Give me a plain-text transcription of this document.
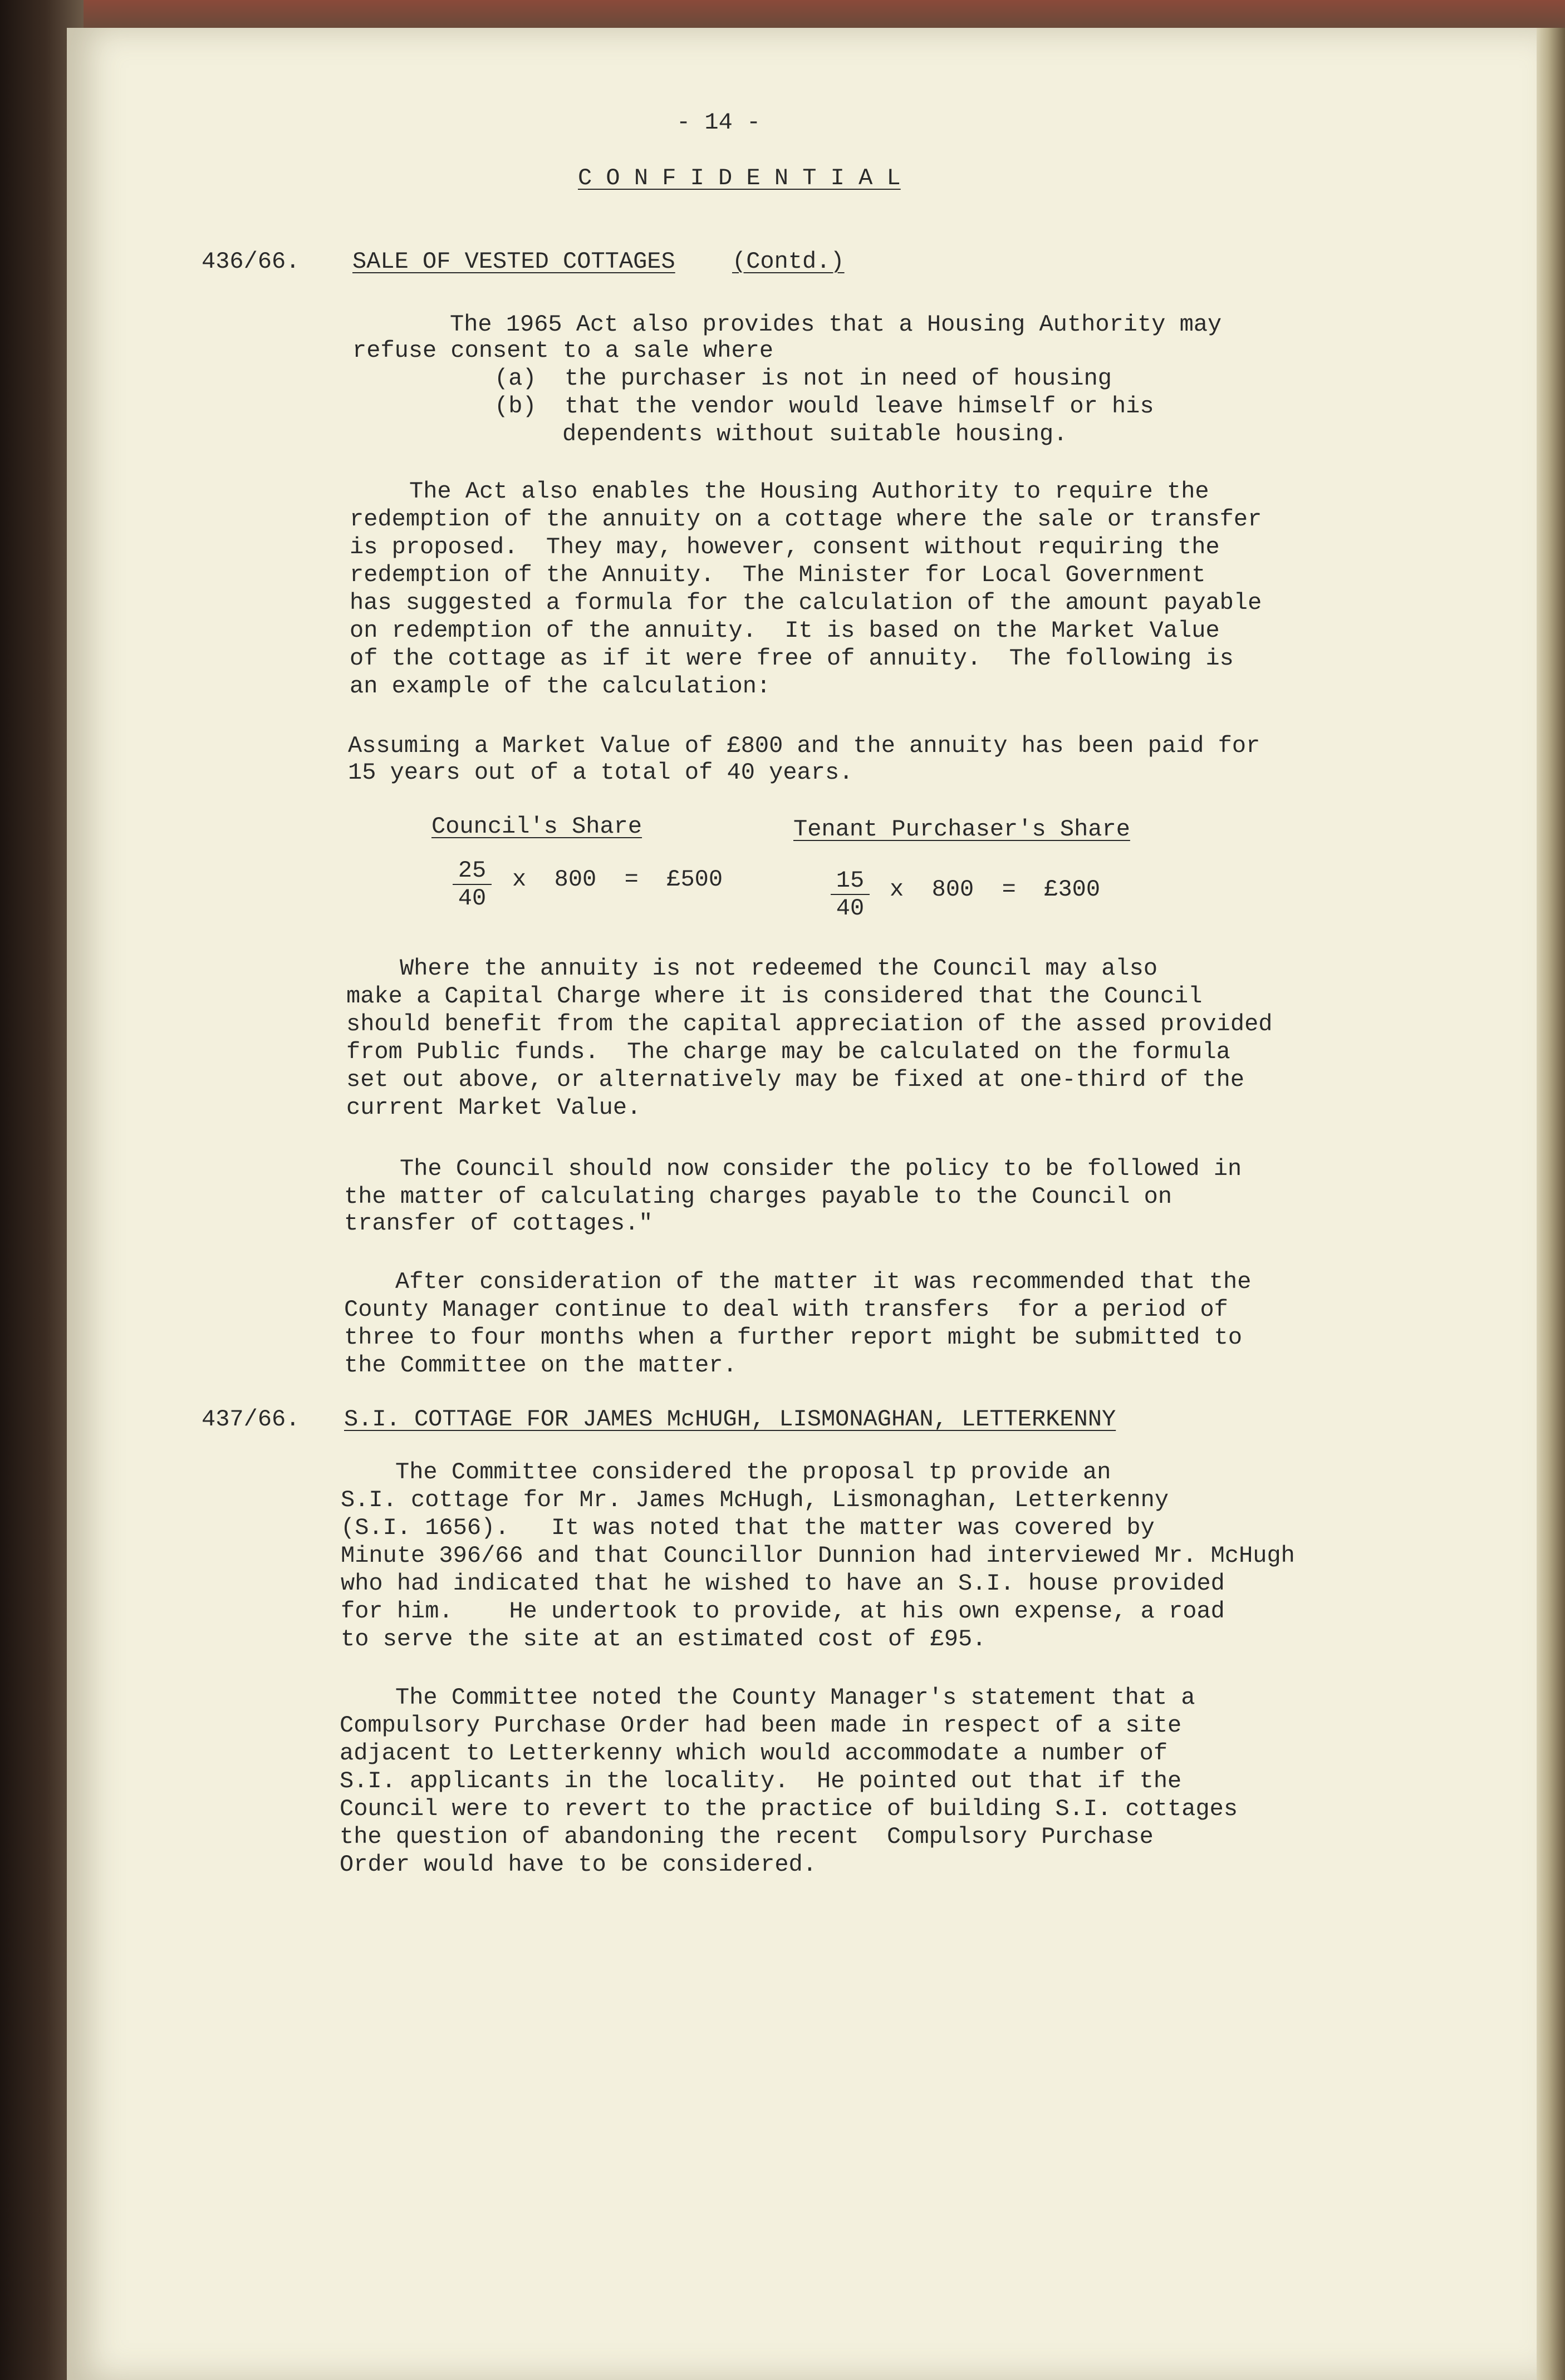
- 14 -
C O N F I D E N T I A L
436/66. SALE OF VESTED COTTAGES (Contd.)
The 1965 Act also provides that a Housing Authority may
refuse consent to a sale where
(a)  the purchaser is not in need of housing
(b)  that the vendor would leave himself or his
dependents without suitable housing.
The Act also enables the Housing Authority to require the
redemption of the annuity on a cottage where the sale or transfer
is proposed.  They may, however, consent without requiring the
redemption of the Annuity.  The Minister for Local Government
has suggested a formula for the calculation of the amount payable
on redemption of the annuity.  It is based on the Market Value
of the cottage as if it were free of annuity.  The following is
an example of the calculation:
Assuming a Market Value of £800 and the annuity has been paid for
15 years out of a total of 40 years.
Council's Share	Tenant Purchaser's Share
$\frac{25}{40}$ x  800  =  £500	$\frac{15}{40}$ x  800  =  £300
Where the annuity is not redeemed the Council may also
make a Capital Charge where it is considered that the Council
should benefit from the capital appreciation of the assed provided
from Public funds.  The charge may be calculated on the formula
set out above, or alternatively may be fixed at one-third of the
current Market Value.
The Council should now consider the policy to be followed in
the matter of calculating charges payable to the Council on
transfer of cottages."
After consideration of the matter it was recommended that the
County Manager continue to deal with transfers  for a period of
three to four months when a further report might be submitted to
the Committee on the matter.
437/66. S.I. COTTAGE FOR JAMES McHUGH, LISMONAGHAN, LETTERKENNY
The Committee considered the proposal tp provide an
S.I. cottage for Mr. James McHugh, Lismonaghan, Letterkenny
(S.I. 1656).   It was noted that the matter was covered by
Minute 396/66 and that Councillor Dunnion had interviewed Mr. McHugh
who had indicated that he wished to have an S.I. house provided
for him.    He undertook to provide, at his own expense, a road
to serve the site at an estimated cost of £95.
The Committee noted the County Manager's statement that a
Compulsory Purchase Order had been made in respect of a site
adjacent to Letterkenny which would accommodate a number of
S.I. applicants in the locality.  He pointed out that if the
Council were to revert to the practice of building S.I. cottages
the question of abandoning the recent  Compulsory Purchase
Order would have to be considered.
